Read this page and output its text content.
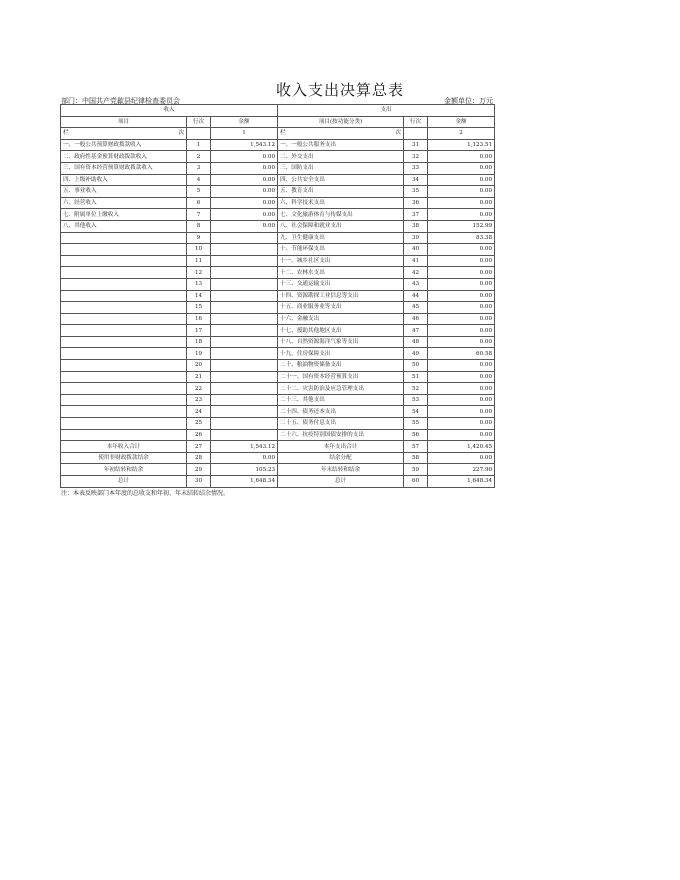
收入支出决算总表
部门：中国共产党歙县纪律检查委员会	金额单位：万元
收入			支出		
项目	行次	金额	项目(按功能分类)	行次	金额

栏 次		1	栏 次		2
一、一般公共预算财政拨款收入	1	1,543.12	一、一般公共服务支出	31	1,123.51
二、政府性基金预算财政拨款收入	2	0.00	二、外交支出	32	0.00
三、国有资本经营预算财政拨款收入	3	0.00	三、国防支出	33	0.00
四、上级补助收入	4	0.00	四、公共安全支出	34	0.00
五、事业收入	5	0.00	五、教育支出	35	0.00
六、经营收入	6	0.00	六、科学技术支出	36	0.00
七、附属单位上缴收入	7	0.00	七、文化旅游体育与传媒支出	37	0.00
八、其他收入	8	0.00	八、社会保障和就业支出	38	152.99
	9		九、卫生健康支出	39	83.38
	10		十、节能环保支出	40	0.00
	11		十一、城乡社区支出	41	0.00
	12		十二、农林水支出	42	0.00
	13		十三、交通运输支出	43	0.00
	14		十四、资源勘探工业信息等支出	44	0.00
	15		十五、商业服务业等支出	45	0.00
	16		十六、金融支出	46	0.00
	17		十七、援助其他地区支出	47	0.00
	18		十八、自然资源海洋气象等支出	48	0.00
	19		十九、住房保障支出	49	60.58
	20		二十、粮油物资储备支出	50	0.00
	21		二十一、国有资本经营预算支出	51	0.00
	22		二十二、灾害防治及应急管理支出	52	0.00
	23		二十三、其他支出	53	0.00
	24		二十四、债务还本支出	54	0.00
	25		二十五、债务付息支出	55	0.00
	26		二十六、抗疫特别国债安排的支出	56	0.00
本年收入合计	27	1,543.12	本年支出合计	57	1,420.45
使用非财政拨款结余	28	0.00	结余分配	58	0.00
年初结转和结余	29	105.23	年末结转和结余	59	227.90
总计	30	1,648.34	总计	60	1,648.34
注：本表反映部门本年度的总收支和年初、年末结转结余情况。
